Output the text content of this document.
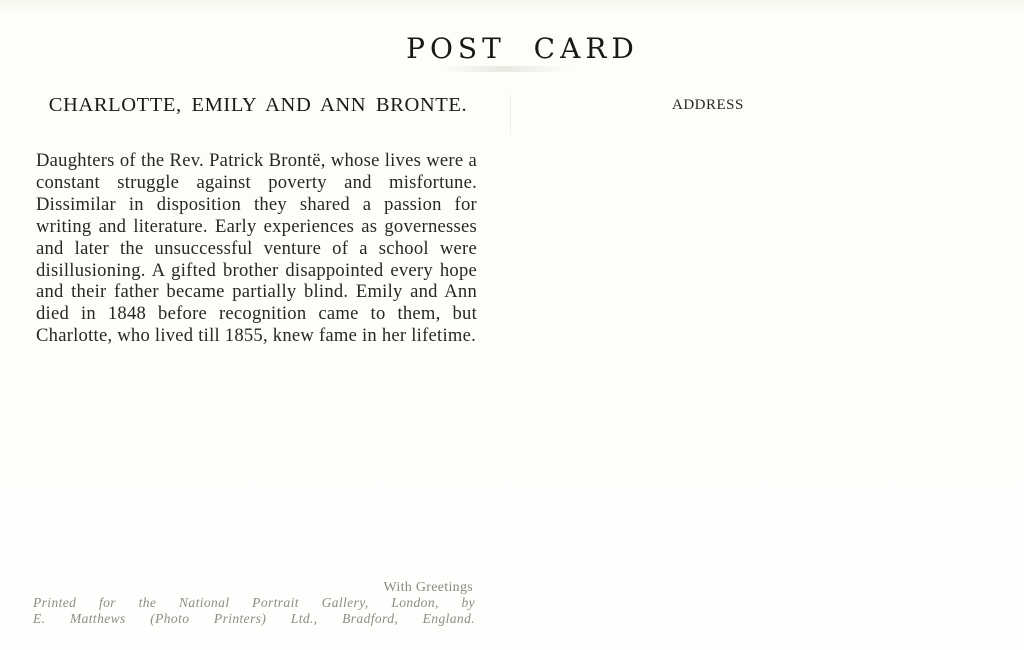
POST CARD
CHARLOTTE, EMILY AND ANN BRONTE.
Daughters of the Rev. Patrick Brontë, whose lives were a constant struggle against poverty and misfortune. Dissimilar in disposition they shared a passion for writing and literature. Early experiences as governesses and later the unsuccessful venture of a school were disillusioning. A gifted brother disappointed every hope and their father became partially blind. Emily and Ann died in 1848 before recognition came to them, but Charlotte, who lived till 1855, knew fame in her lifetime.
ADDRESS
With Greetings
Printed for the National Portrait Gallery, London, by
E. Matthews (Photo Printers) Ltd., Bradford, England.
